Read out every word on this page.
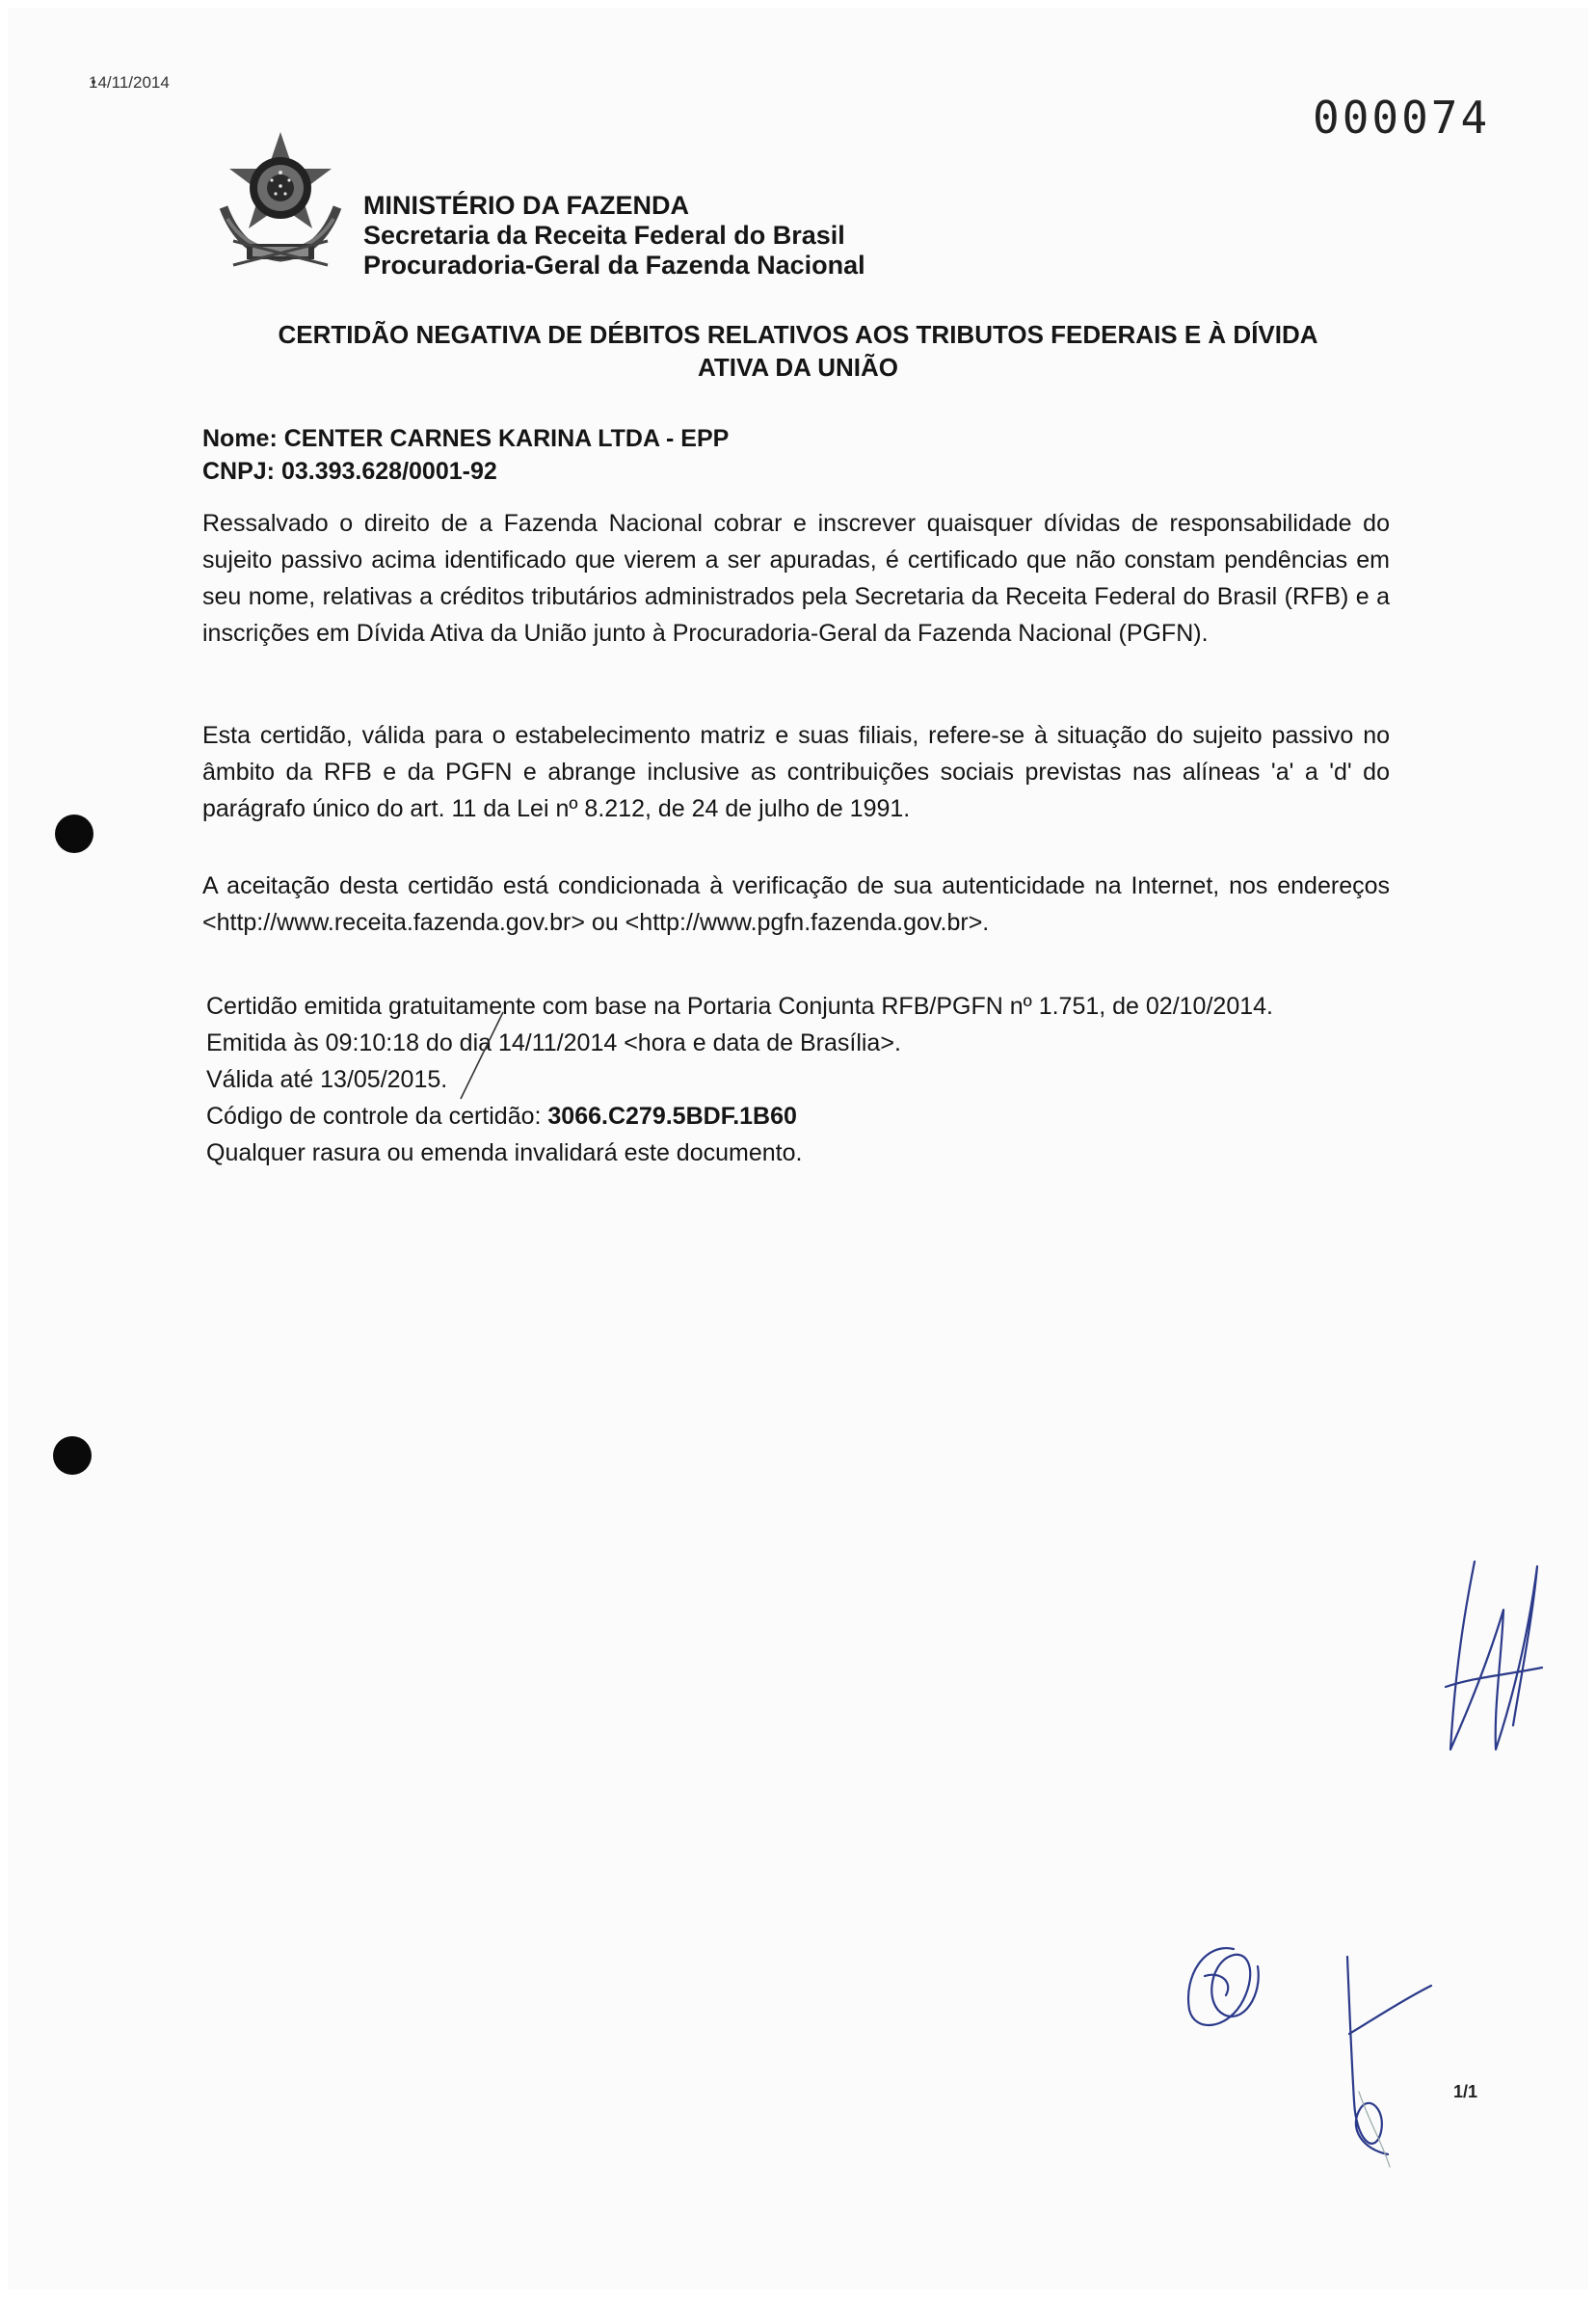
14/11/2014
000074
MINISTÉRIO DA FAZENDA
Secretaria da Receita Federal do Brasil
Procuradoria-Geral da Fazenda Nacional
CERTIDÃO NEGATIVA DE DÉBITOS RELATIVOS AOS TRIBUTOS FEDERAIS E À DÍVIDA
ATIVA DA UNIÃO
Nome: CENTER CARNES KARINA LTDA - EPP
CNPJ: 03.393.628/0001-92
Ressalvado o direito de a Fazenda Nacional cobrar e inscrever quaisquer dívidas de responsabilidade do sujeito passivo acima identificado que vierem a ser apuradas, é certificado que não constam pendências em seu nome, relativas a créditos tributários administrados pela Secretaria da Receita Federal do Brasil (RFB) e a inscrições em Dívida Ativa da União junto à Procuradoria-Geral da Fazenda Nacional (PGFN).
Esta certidão, válida para o estabelecimento matriz e suas filiais, refere-se à situação do sujeito passivo no âmbito da RFB e da PGFN e abrange inclusive as contribuições sociais previstas nas alíneas 'a' a 'd' do parágrafo único do art. 11 da Lei nº 8.212, de 24 de julho de 1991.
A aceitação desta certidão está condicionada à verificação de sua autenticidade na Internet, nos endereços <http://www.receita.fazenda.gov.br> ou <http://www.pgfn.fazenda.gov.br>.
Certidão emitida gratuitamente com base na Portaria Conjunta RFB/PGFN nº 1.751, de 02/10/2014.
Emitida às 09:10:18 do dia 14/11/2014 <hora e data de Brasília>.
Válida até 13/05/2015.
Código de controle da certidão: 3066.C279.5BDF.1B60
Qualquer rasura ou emenda invalidará este documento.
1/1
